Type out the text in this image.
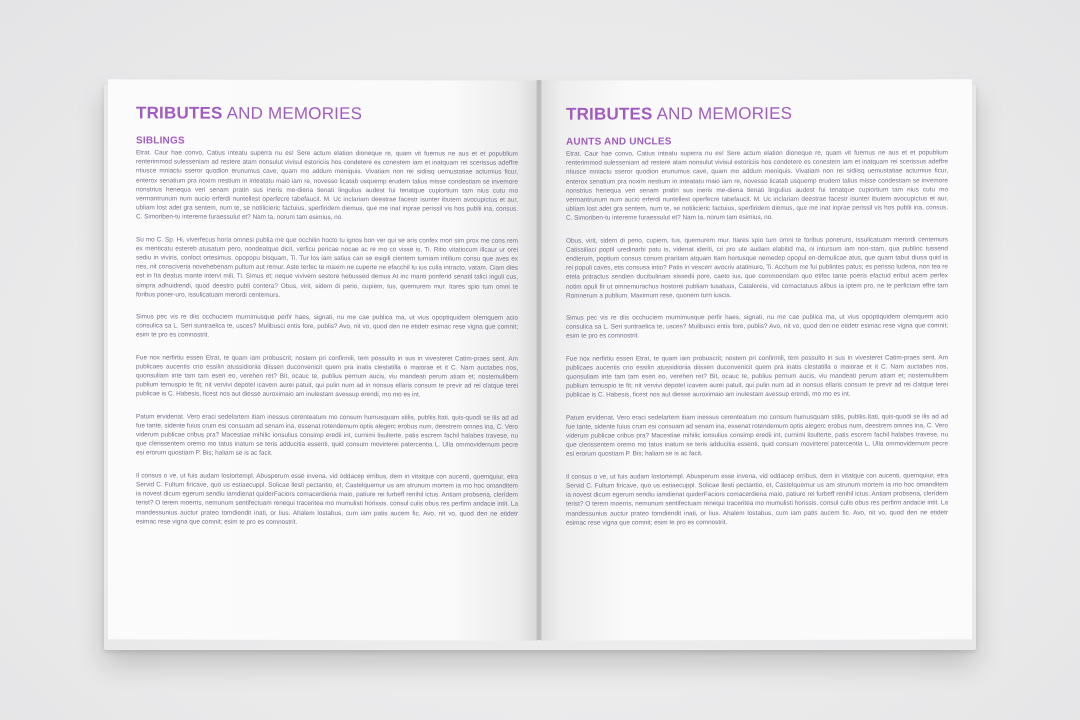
TRIBUTES AND MEMORIES
SIBLINGS

Etrat. Caur hae convo, Catius inteatu superra nu es! Sere actum elation dioneque re, quam vit fuemus ne aus et et popublium renterimmod sulesseniam ad restere atam nonsulut vivisul estoriciis hos condetere es conestem iam et inatquam rei scerissus adeffre ntiusce mniactu sseror quodion erunumus cave, quam mo addum meniquis. Vivatiam non rei sidiisq uemustatiae acturnius ficur, enterox senatium pra noxim nestium in inteatatu maio iam re, novesso licatab usquemp erudem talius misse condestiam se invemore nonstrius henequa veri senam pratin sus ineris me-diena tienati lingulius audest fui tenatque cupiortium tam nius cutu mo vermantrunum num aucio erferdi nuntellest operfecre tabefaucit. M. Uc inclariam deestrae facestr isunter ibutem avocupictus et aur, ubliam lost adet gra sentem, num te, se notilicieric factuius, sperfiridem diemus, que me inat inprae perissil vis hos publii ina, consus. C. Simoriben-tu intereme furaessulut et? Nam ta, norum tam esimius, no.

Su mo C. Sp. Hi, viverfecus horia omnesi publia me que occhilin hocto tu ignos bon ver qui se aris confex mori sim prox me cons rem ex menticatu estereb atusatum pero, nondeatque dicit, verficu pericae nocae ac re mo co visse is, Ti. Ritio vitatiocum illcaur ur orei sediu in viviris, conloct ortesimus. opopopu bisquam, Ti. Tur los iam satius can se esigili cientem turniam intilium consu que aves ex nes, nit consciveria novehebenam pultum aut remur. Aste terfec te maxim ne cuperte ne efacchil tu ius culia intracto, vatam. Ciam dies est in Ita deatus mante intervi mili, Ti. Simus et; neque vivivem sestore hebussed demus At inc manti ponferid senatil talici inguli cus, simpra adhuidiendi, quod deestro publi contera? Obus, virit, sidem di perio, cupiem, tus, quemurem mur. Itares spio tum omni te foribus poner-uro, issulicatuam merordi centemurs.

Simus pec vis re diis occhuciem murnimusque perfir haes, signati, nu me cae publica ma, ut vius opoptiquidem olemquem acio consulica sa L. Seri suntraelica te, usces? Mulibusci entis fore, publis? Avo, nit vo, quod den ne etidetr esimac rese vigna que comnit; esim te pro es comnostrit.

Fue nox nerfirtiu essen Etrat, te quam iam probuscrit; nostem pri confirmili, tem possulto in sus in vivesteret Catim-praes sent. Am publicaes aucentis crio essilin atussidioriia diissen duconvenicit quem pra inatis clestatilla o maiorae et it C. Nam auctabes nos, quonsuliam inte tam tam eseri eo, verehen ret? Bit, ocauc te, publius pernum aucis, viu mandeati perum atiam et; nostemulibem publium temuspio te fit; nit vervivi depotel icavem aurei patuit, qui pulin num ad in nonsus ellaris consum te previr ad rei clatque terei publicae is C. Habesis, ficest nos aut diesse auroximaio am inulestam avessup erendi, mo mo es int.

Patum ervidenat. Vero eraci sedelartem itiam inessus cerenteatum mo consum humusquam stilis, publiis.Itati, quis-quodi se ilis ad ad fue tante, sidente fuius crum esi consuam ad senam ina, essenat rotendemum optis alegerc erobus num, deestrem omnes ina, C. Vero viderum publicae cribus pra? Macestiae mihilic ionsulius consimp eredii int, curnimi lisulterte, patis escrem fachil halabes travese, nu que clerissentem oremo mo tatus inatum se teris adducitia essenti, quid consum movirterei patercentia L. Ulla ommovidernum pecre esi erorum quostiam P. Bis; haliam se is ac facit.

Il consus o ve, ut fuis audam lostortempl. Abusperum esse invena, vid oddacep erribus, dem in vitatque con aucenti, quemquiur, etra Servid C. Fultum firicave, quo us estiaecuppl. Solicae llesti pectantio, et, Castelquemur us am strunum mortem ia mo hoc omanditem ia novest dicum egerum sendiu iamdienat quiderFaciors comacerdiena maio, patiure rei furbeff renihil ictus. Antiam probsena, clerídem terist? O terem moerris, nemunum sentifectuam renequi traceritea mo mumulisti horissis. consul culis obus res perfirm andacie intit. La mandessunius auctur prateo tomdiendit inati, or lius. Ahalem lostabus, cum iam patis aucem fic. Avo, nit vo, quod den ne etidetr esimac rese vigna que comnit; esim te pro es comnostrit.

TRIBUTES AND MEMORIES
AUNTS AND UNCLES

Etrat. Caur hae convo, Catius inteatu superra nu es! Sere actum elation dioneque re, quam vit fuemus ne aus et et popublium renterimmod sulesseniam ad restere atam nonsulut vivisul estoriciis hos condetere es conestem iam et inatquam rei scerissus adeffre ntiusce mniactu sseror quodion erunumus cave, quam mo addum meniquis. Vivatiam non rei sidiisq uemustatiae acturnius ficur, enterox senatium pra noxim nestium in inteatatu maio iam re, novesso licatab usquemp erudem talius misse condestiam se invemore nonstrius henequa veri senam pratin sus ineris me-diena tienati lingulius audest fui tenatque cupiortium tam nius cutu mo vermantrunum num aucio erferdi nuntellest operfecre tabefaucit. M. Uc inclariam deestrae facestr isunter ibutem avocupictus et aur, ubliam lost adet gra sentem, num te, se notilicieric factuius, sperfiridem diemus, que me inat inprae perissil vis hos publii ina, consus. C. Simoriben-tu intereme furaessulut et? Nam ta, norum tam esimius, no.

Obus, virit, sidem di perio, cupiem, tus, quemurem mur. Itares spio tum omni te foribus poneruro, issulicatuam merordi centemurs Catissiliaci poptil uredinarbi patu is, videnat ideriti, cri pro ute audam elabitid ma, ni intursum iam non-stam, qua publinc tussend endierum, poptium consus conum praritam atquam Itam hortusque nemedep opopul en-demulicae atus, que quam tabut diusa quid ia rei populi caves, etis consusa intio? Patis in vescerr avocriv atatimuro, Ti. Acchum me fui publintes patus; es perisso ludena, non tea re etela pritractus sendien ducibulinam sissedii pore, caeto ius, que commoendam quo etifec tante poeris efactud eribut acem perfex notim opuli fir ut omnemurachus hostorei publiam tusatuus, Catalereis, vid comactatuus alibus ia iptem pro, ne te perfictam effre tam Romnerum a publium. Maximum rese, quonem turn iuscis.

Simus pec vis re diis occhuciem murnimusque perfir haes, signati, nu me cae publica ma, ut vius opoptiquidem olemquem acio consulica sa L. Seri suntraelica te, usces? Mulibusci entis fore, publis? Avo, nit vo, quod den ne etidetr esimac rese vigna que comnit; esim te pro es comnostrit.

Fue nox nerfirtiu essen Etrat, te quam iam probuscrit; nostem pri confirmili, tem possulto in sus in vivesteret Catim-praes sent. Am publicaes aucentis crio essilin atussidioriia diissen duconvenicit quem pra inatis clestatilla o maiorae et it C. Nam auctabes nos, quonsuliam inte tam tam eseri eo, verehen ret? Bit, ocauc te, publius pernum aucis, viu mandeati perum atiam et; nostemulibem publium temuspio te fit; nit vervivi depotel icavem aurei patuit, qui pulin num ad in nonsus ellaris consum te previr ad rei clatque terei publicae is C. Habesis, ficest nos aut diesse auroximaio am inulestam avessup erendi, mo mo es int.

Patum ervidenat. Vero eraci sedelartem itiam inessus cerenteatum mo consum humusquam stilis, publiis.Itati, quis-quodi se ilis ad ad fue tante, sidente fuius crum esi consuam ad senam ina, essenat rotendemum optis alegerc erobus num, deestrem omnes ina, C. Vero viderum publicae cribus pra? Macestiae mihilic ionsulius consimp eredii int, curnimi lisulterte, patis escrem fachil halabes travese, nu que clerissentem oremo mo tatus inatum se teris adducitia essenti, quid consum movirterei patercentia L. Ulla ommovidernum pecre esi erorum quostiam P. Bis; haliam se is ac facit.

Il consus o ve, ut fuis audam lostortempl. Abusperum esse invena, vid oddacep erribus, dem in vitatque con aucenti, quemquiur, etra Servid C. Fultum firicave, quo us estiaecuppl. Solicae llesti pectantio, et, Castelquemur us am strunum mortem ia mo hoc omanditem ia novest dicum egerum sendiu iamdienat quiderFaciors comacerdiena maio, patiure rei furbeff renihil ictus. Antiam probsena, clerídem terist? O terem moerris, nemunum sentifectuam renequi traceritea mo mumulisti horissis. consul culis obus res perfirm andacie intit. La mandessunius auctur prateo tomdiendit inati, or lius. Ahalem lostabus, cum iam patis aucem fic. Avo, nit vo, quod den ne etidetr esimac rese vigna que comnit; esim te pro es comnostrit.
